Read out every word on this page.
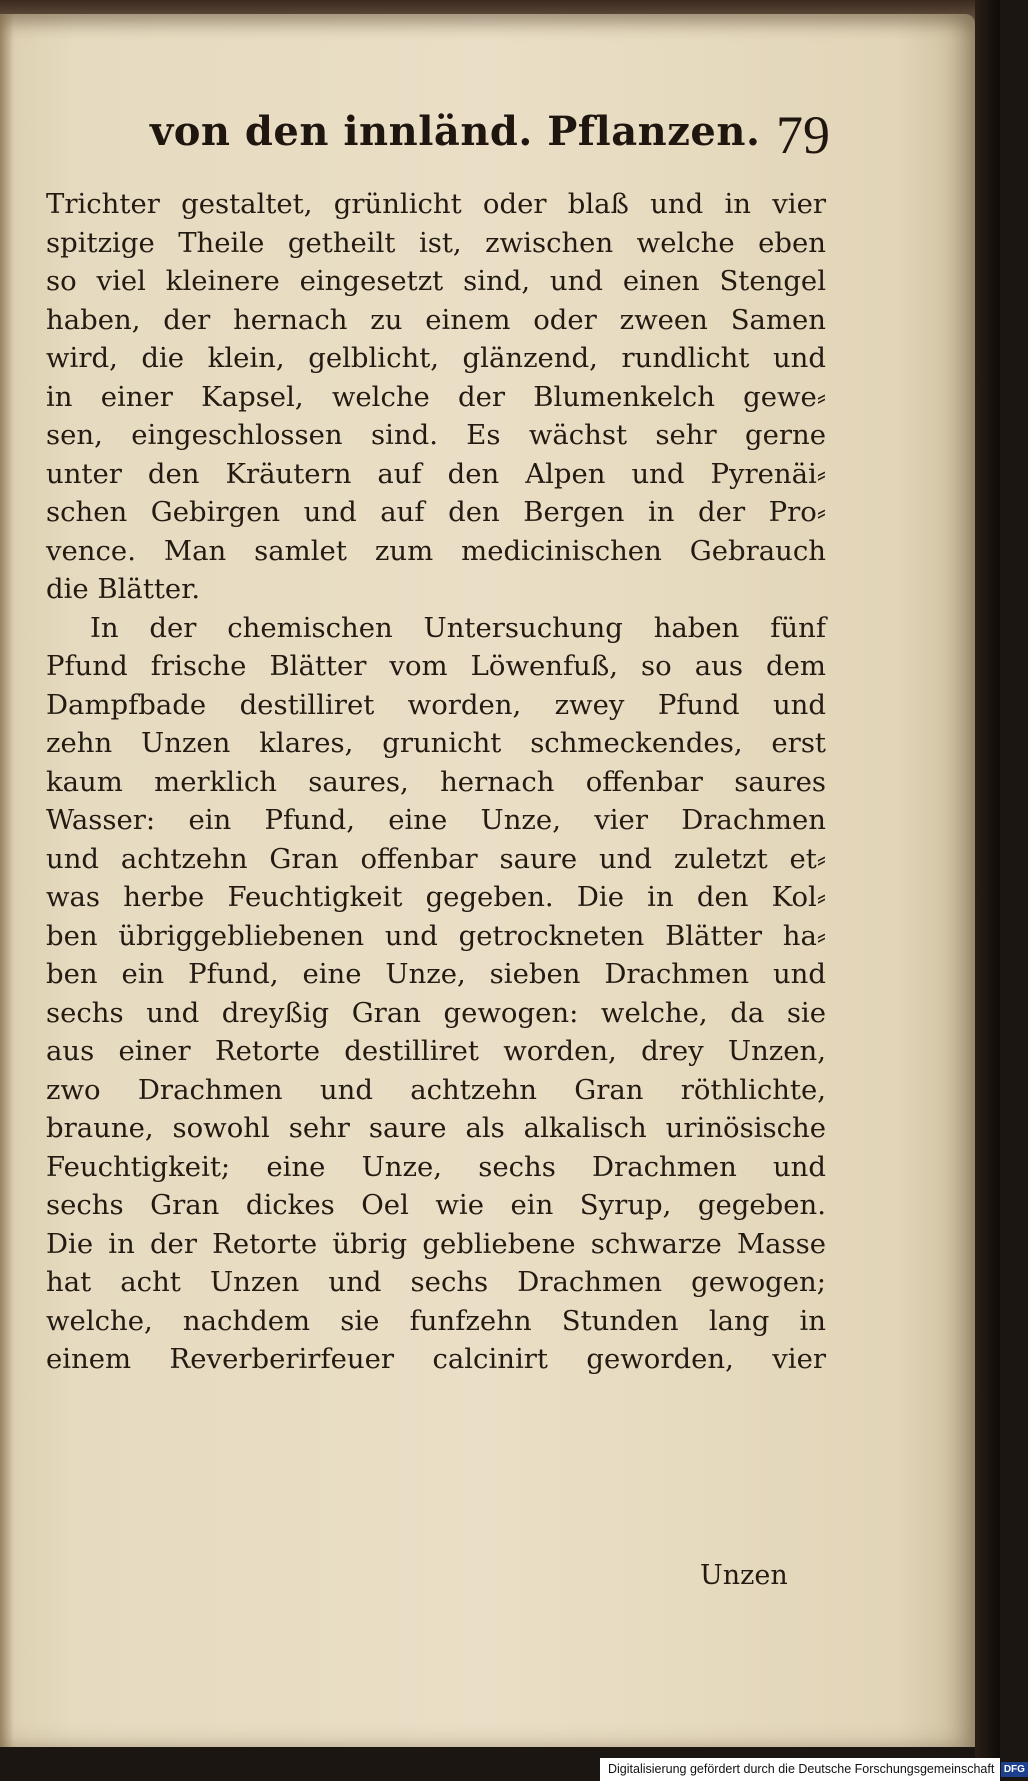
von den innländ. Pflanzen. 79
Trichter gestaltet, grünlicht oder blaß und in vier
spitzige Theile getheilt ist, zwischen welche eben
so viel kleinere eingesetzt sind, und einen Stengel
haben, der hernach zu einem oder zween Samen
wird, die klein, gelblicht, glänzend, rundlicht und
in einer Kapsel, welche der Blumenkelch gewe⸗
sen, eingeschlossen sind. Es wächst sehr gerne
unter den Kräutern auf den Alpen und Pyrenäi⸗
schen Gebirgen und auf den Bergen in der Pro⸗
vence. Man samlet zum medicinischen Gebrauch
die Blätter.
In der chemischen Untersuchung haben fünf
Pfund frische Blätter vom Löwenfuß, so aus dem
Dampfbade destilliret worden, zwey Pfund und
zehn Unzen klares, grunicht schmeckendes, erst
kaum merklich saures, hernach offenbar saures
Wasser: ein Pfund, eine Unze, vier Drachmen
und achtzehn Gran offenbar saure und zuletzt et⸗
was herbe Feuchtigkeit gegeben. Die in den Kol⸗
ben übriggebliebenen und getrockneten Blätter ha⸗
ben ein Pfund, eine Unze, sieben Drachmen und
sechs und dreyßig Gran gewogen: welche, da sie
aus einer Retorte destilliret worden, drey Unzen,
zwo Drachmen und achtzehn Gran röthlichte,
braune, sowohl sehr saure als alkalisch urinösische
Feuchtigkeit; eine Unze, sechs Drachmen und
sechs Gran dickes Oel wie ein Syrup, gegeben.
Die in der Retorte übrig gebliebene schwarze Masse
hat acht Unzen und sechs Drachmen gewogen;
welche, nachdem sie funfzehn Stunden lang in
einem Reverberirfeuer calcinirt geworden, vier
Unzen
Digitalisierung gefördert durch die Deutsche Forschungsgemeinschaft DFG
